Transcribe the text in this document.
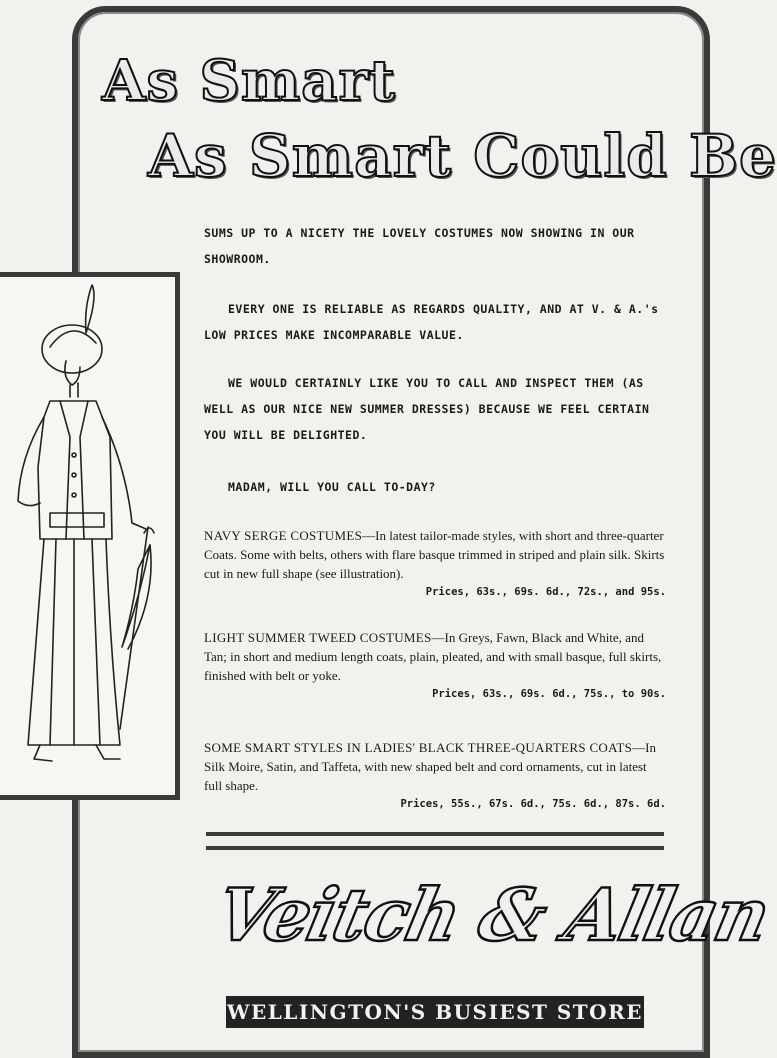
As Smart
As Smart Could Be

SUMS UP TO A NICETY THE LOVELY COSTUMES NOW SHOWING IN OUR SHOWROOM.

EVERY ONE IS RELIABLE AS REGARDS QUALITY, AND AT V. & A.'s LOW PRICES MAKE INCOMPARABLE VALUE.

WE WOULD CERTAINLY LIKE YOU TO CALL AND INSPECT THEM (AS WELL AS OUR NICE NEW SUMMER DRESSES) BECAUSE WE FEEL CERTAIN YOU WILL BE DELIGHTED.

MADAM, WILL YOU CALL TO-DAY?

NAVY SERGE COSTUMES—In latest tailor-made styles, with short and three-quarter Coats. Some with belts, others with flare basque trimmed in striped and plain silk. Skirts cut in new full shape (see illustration).
Prices, 63s., 69s. 6d., 72s., and 95s.

LIGHT SUMMER TWEED COSTUMES—In Greys, Fawn, Black and White, and Tan; in short and medium length coats, plain, pleated, and with small basque, full skirts, finished with belt or yoke.
Prices, 63s., 69s. 6d., 75s., to 90s.

SOME SMART STYLES IN LADIES' BLACK THREE-QUARTERS COATS—In Silk Moire, Satin, and Taffeta, with new shaped belt and cord ornaments, cut in latest full shape.
Prices, 55s., 67s. 6d., 75s. 6d., 87s. 6d.

Veitch & Allan

WELLINGTON'S BUSIEST STORE
